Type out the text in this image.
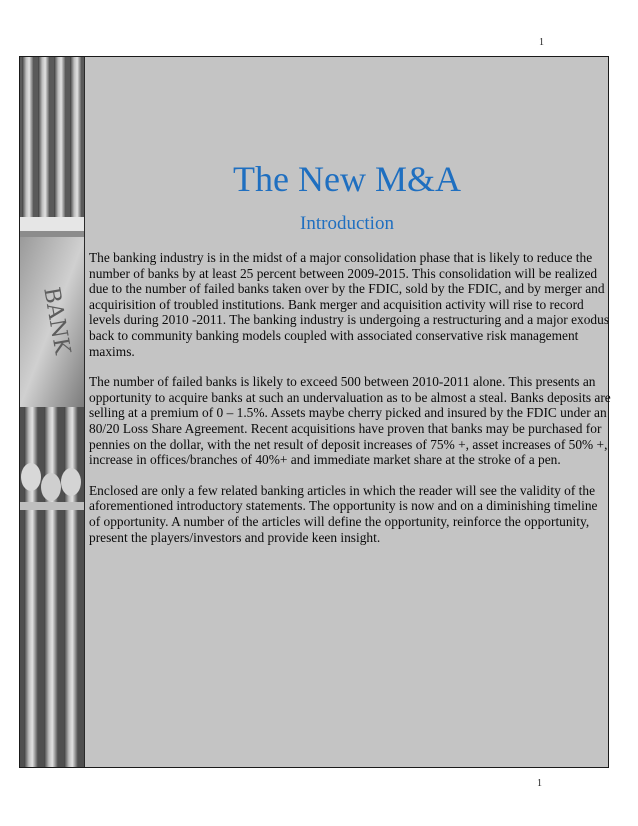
1
BANK
The New M&A
Introduction

The banking industry is in the midst of a major consolidation phase that is likely to reduce the number of banks by at least 25 percent between 2009-2015. This consolidation will be realized due to the number of failed banks taken over by the FDIC, sold by the FDIC, and by merger and acquirisition of troubled institutions. Bank merger and acquisition activity will rise to record levels during 2010 -2011. The banking industry is undergoing a restructuring and a major exodus back to community banking models coupled with associated conservative risk management maxims.

The number of failed banks is likely to exceed 500 between 2010-2011 alone. This presents an opportunity to acquire banks at such an undervaluation as to be almost a steal. Banks deposits are selling at a premium of 0 – 1.5%. Assets maybe cherry picked and insured by the FDIC under an 80/20 Loss Share Agreement. Recent acquisitions have proven that banks may be purchased for pennies on the dollar, with the net result of deposit increases of 75% +, asset increases of 50% +, increase in offices/branches of 40%+ and immediate market share at the stroke of a pen.

Enclosed are only a few related banking articles in which the reader will see the validity of the aforementioned introductory statements. The opportunity is now and on a diminishing timeline of opportunity. A number of the articles will define the opportunity, reinforce the opportunity, present the players/investors and provide keen insight.

1
